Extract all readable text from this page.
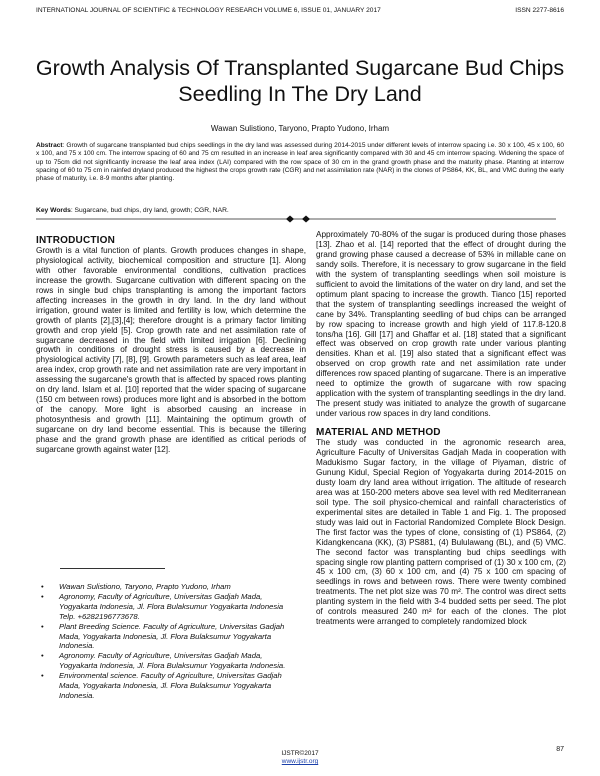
INTERNATIONAL JOURNAL OF SCIENTIFIC & TECHNOLOGY RESEARCH VOLUME 6, ISSUE 01, JANUARY 2017	ISSN 2277-8616
Growth Analysis Of Transplanted Sugarcane Bud Chips Seedling In The Dry Land
Wawan Sulistiono, Taryono, Prapto Yudono, Irham

Abstract: Growth of sugarcane transplanted bud chips seedlings in the dry land was assessed during 2014-2015 under different levels of interrow spacing i.e. 30 x 100, 45 x 100, 60 x 100, and 75 x 100 cm. The interrow spacing of 60 and 75 cm resulted in an increase in leaf area significantly compared with 30 and 45 cm interrow spacing. Widening the space of up to 75cm did not significantly increase the leaf area index (LAI) compared with the row space of 30 cm in the grand growth phase and the maturity phase. Planting at interrow spacing of 60 to 75 cm in rainfed dryland produced the highest the crops growth rate (CGR) and net assimilation rate (NAR) in the clones of PS864, KK, BL, and VMC during the early phase of maturity, i.e. 8-9 months after planting.

Key Words: Sugarcane, bud chips, dry land, growth; CGR, NAR.

INTRODUCTION

Growth is a vital function of plants. Growth produces changes in shape, physiological activity, biochemical composition and structure [1]. Along with other favorable environmental conditions, cultivation practices increase the growth. Sugarcane cultivation with different spacing on the rows in single bud chips transplanting is among the important factors affecting increases in the growth in dry land. In the dry land without irrigation, ground water is limited and fertility is low, which determine the growth of plants [2],[3],[4]; therefore drought is a primary factor limiting growth and crop yield [5]. Crop growth rate and net assimilation rate of sugarcane decreased in the field with limited irrigation [6]. Declining growth in conditions of drought stress is caused by a decrease in physiological activity [7], [8], [9]. Growth parameters such as leaf area, leaf area index, crop growth rate and net assimilation rate are very important in assessing the sugarcane's growth that is affected by spaced rows planting on dry land. Islam et al. [10] reported that the wider spacing of sugarcane (150 cm between rows) produces more light and is absorbed in the bottom of the canopy. More light is absorbed causing an increase in photosynthesis and growth [11]. Maintaining the optimum growth of sugarcane on dry land become essential. This is because the tillering phase and the grand growth phase are identified as critical periods of sugarcane growth against water [12].

• Wawan Sulistiono, Taryono, Prapto Yudono, Irham
• Agronomy, Faculty of Agriculture, Universitas Gadjah Mada, Yogyakarta Indonesia, Jl. Flora Bulaksumur Yogyakarta Indonesia Telp. +6282196773678.
• Plant Breeding Science. Faculty of Agriculture, Universitas Gadjah Mada, Yogyakarta Indonesia, Jl. Flora Bulaksumur Yogyakarta Indonesia.
• Agronomy. Faculty of Agriculture, Universitas Gadjah Mada, Yogyakarta Indonesia, Jl. Flora Bulaksumur Yogyakarta Indonesia.
• Environmental science. Faculty of Agriculture, Universitas Gadjah Mada, Yogyakarta Indonesia, Jl. Flora Bulaksumur Yogyakarta Indonesia.

Approximately 70-80% of the sugar is produced during those phases [13]. Zhao et al. [14] reported that the effect of drought during the grand growing phase caused a decrease of 53% in millable cane on sandy soils. Therefore, it is necessary to grow sugarcane in the field with the system of transplanting seedlings when soil moisture is sufficient to avoid the limitations of the water on dry land, and set the optimum plant spacing to increase the growth. Tianco [15] reported that the system of transplanting seedlings increased the weight of cane by 34%. Transplanting seedling of bud chips can be arranged by row spacing to increase growth and high yield of 117.8-120.8 tons/ha [16]. Gill [17] and Ghaffar et al. [18] stated that a significant effect was observed on crop growth rate under various planting densities. Khan et al. [19] also stated that a significant effect was observed on crop growth rate and net assimilation rate under differences row spaced planting of sugarcane. There is an imperative need to optimize the growth of sugarcane with row spacing application with the system of transplanting seedlings in the dry land. The present study was initiated to analyze the growth of sugarcane under various row spaces in dry land conditions.

MATERIAL AND METHOD

The study was conducted in the agronomic research area, Agriculture Faculty of Universitas Gadjah Mada in cooperation with Madukismo Sugar factory, in the village of Piyaman, distric of Gunung Kidul, Special Region of Yogyakarta during 2014-2015 on dusty loam dry land area without irrigation. The altitude of research area was at 150-200 meters above sea level with red Mediterranean soil type. The soil physico-chemical and rainfall characteristics of experimental sites are detailed in Table 1 and Fig. 1. The proposed study was laid out in Factorial Randomized Complete Block Design. The first factor was the types of clone, consisting of (1) PS864, (2) Kidangkencana (KK), (3) PS881, (4) Bululawang (BL), and (5) VMC. The second factor was transplanting bud chips seedlings with spacing single row planting pattern comprised of (1) 30 x 100 cm, (2) 45 x 100 cm, (3) 60 x 100 cm, and (4) 75 x 100 cm spacing of seedlings in rows and between rows. There were twenty combined treatments. The net plot size was 70 m². The control was direct setts planting system in the field with 3-4 budded setts per seed. The plot of controls measured 240 m² for each of the clones. The plot treatments were arranged to completely randomized block

87
IJSTR©2017
www.ijstr.org
